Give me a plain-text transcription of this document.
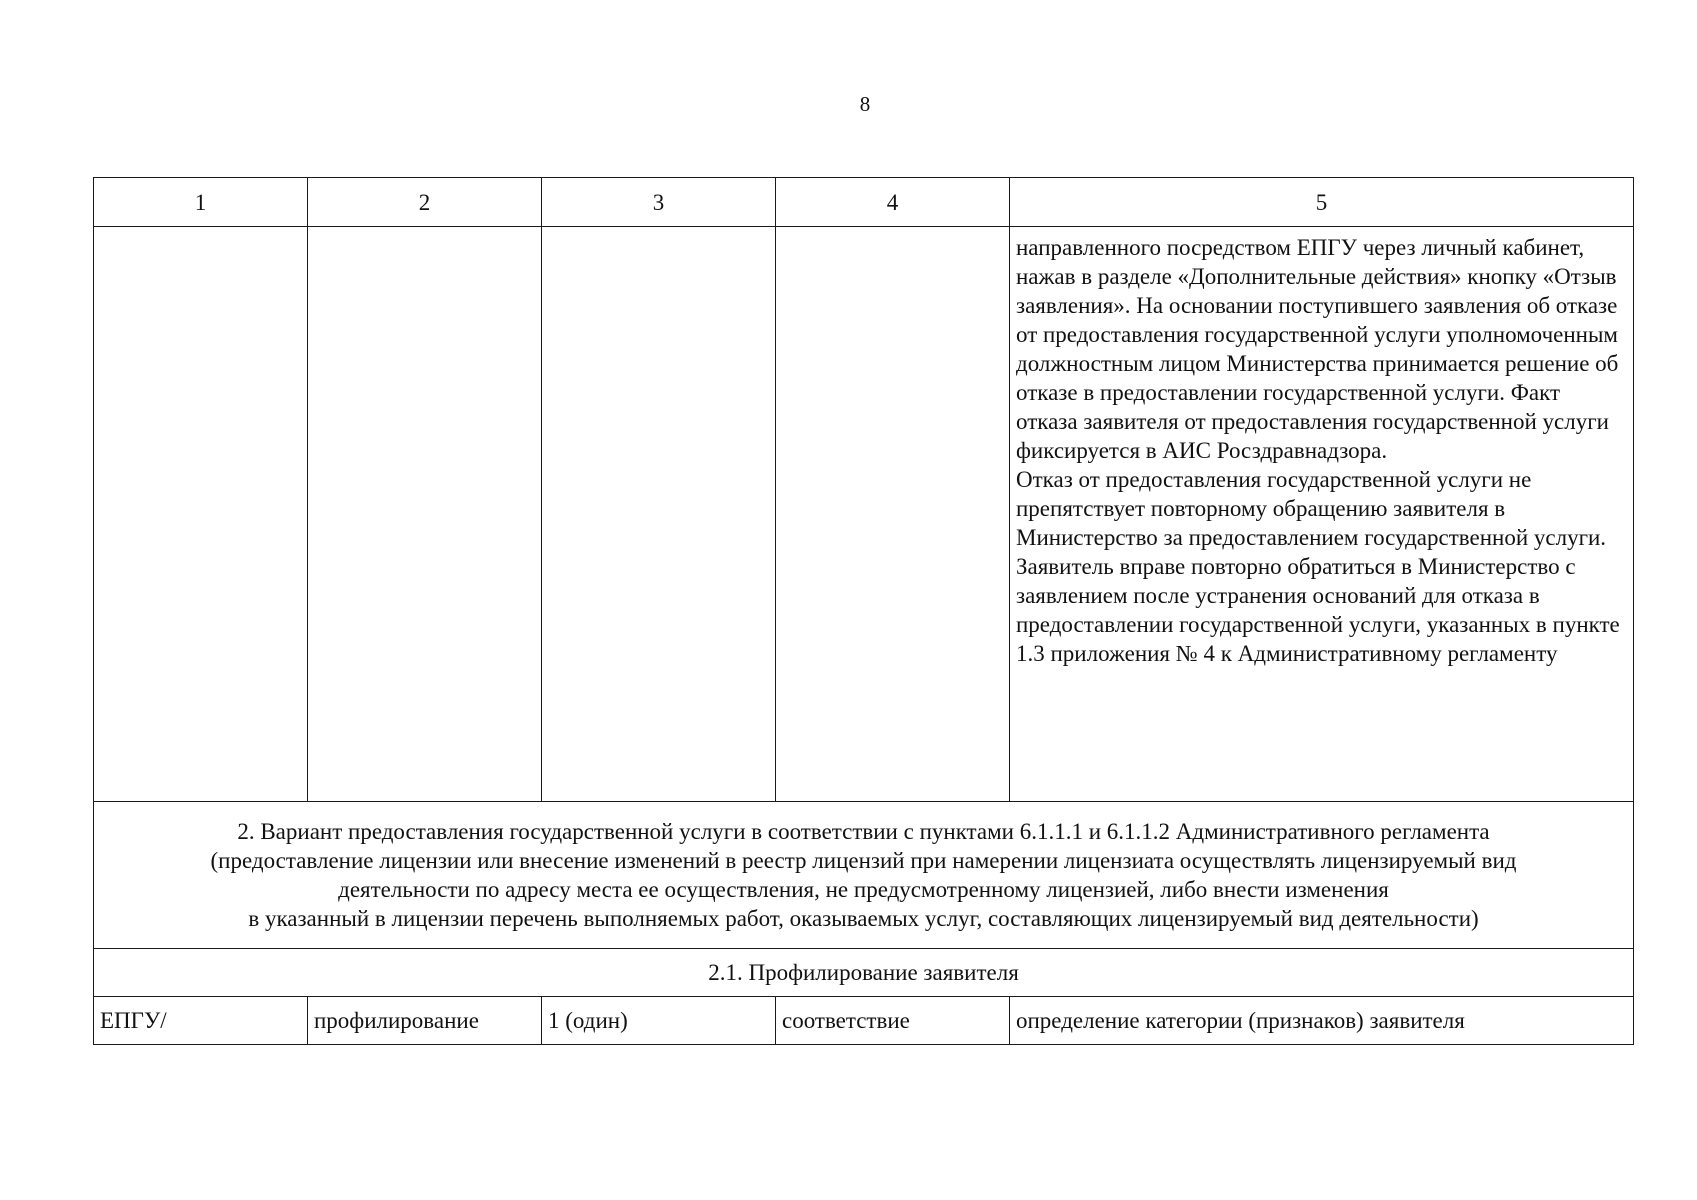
8
1	2	3	4	5

				направленного посредством ЕПГУ через личный кабинет, нажав в разделе «Дополнительные действия» кнопку «Отзыв заявления». На основании поступившего заявления об отказе от предоставления государственной услуги уполномоченным должностным лицом Министерства принимается решение об отказе в предоставлении государственной услуги. Факт отказа заявителя от предоставления государственной услуги фиксируется в АИС Росздравнадзора.
Отказ от предоставления государственной услуги не препятствует повторному обращению заявителя в Министерство за предоставлением государственной услуги.
Заявитель вправе повторно обратиться в Министерство с заявлением после устранения оснований для отказа в предоставлении государственной услуги, указанных в пункте 1.3 приложения № 4 к Административному регламенту

2. Вариант предоставления государственной услуги в соответствии с пунктами 6.1.1.1 и 6.1.1.2 Административного регламента
(предоставление лицензии или внесение изменений в реестр лицензий при намерении лицензиата осуществлять лицензируемый вид
деятельности по адресу места ее осуществления, не предусмотренному лицензией, либо внести изменения
в указанный в лицензии перечень выполняемых работ, оказываемых услуг, составляющих лицензируемый вид деятельности)				

2.1. Профилирование заявителя				
ЕПГУ/	профилирование	1 (один)	соответствие	определение категории (признаков) заявителя
